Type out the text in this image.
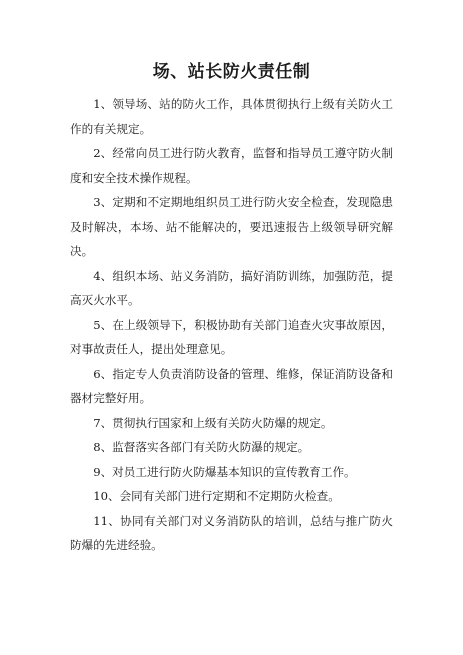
场、站长防火责任制
1、领导场、站的防火工作，具体贯彻执行上级有关防火工作的有关规定。
2、经常向员工进行防火教育，监督和指导员工遵守防火制度和安全技术操作规程。
3、定期和不定期地组织员工进行防火安全检查，发现隐患及时解决，本场、站不能解决的，要迅速报告上级领导研究解决。
4、组织本场、站义务消防，搞好消防训练，加强防范，提高灭火水平。
5、在上级领导下，积极协助有关部门追查火灾事故原因，对事故责任人，提出处理意见。
6、指定专人负责消防设备的管理、维修，保证消防设备和器材完整好用。
7、贯彻执行国家和上级有关防火防爆的规定。
8、监督落实各部门有关防火防瀑的规定。
9、对员工进行防火防爆基本知识的宣传教育工作。
10、会同有关部门进行定期和不定期防火检查。
11、协同有关部门对义务消防队的培训，总结与推广防火防爆的先进经验。
